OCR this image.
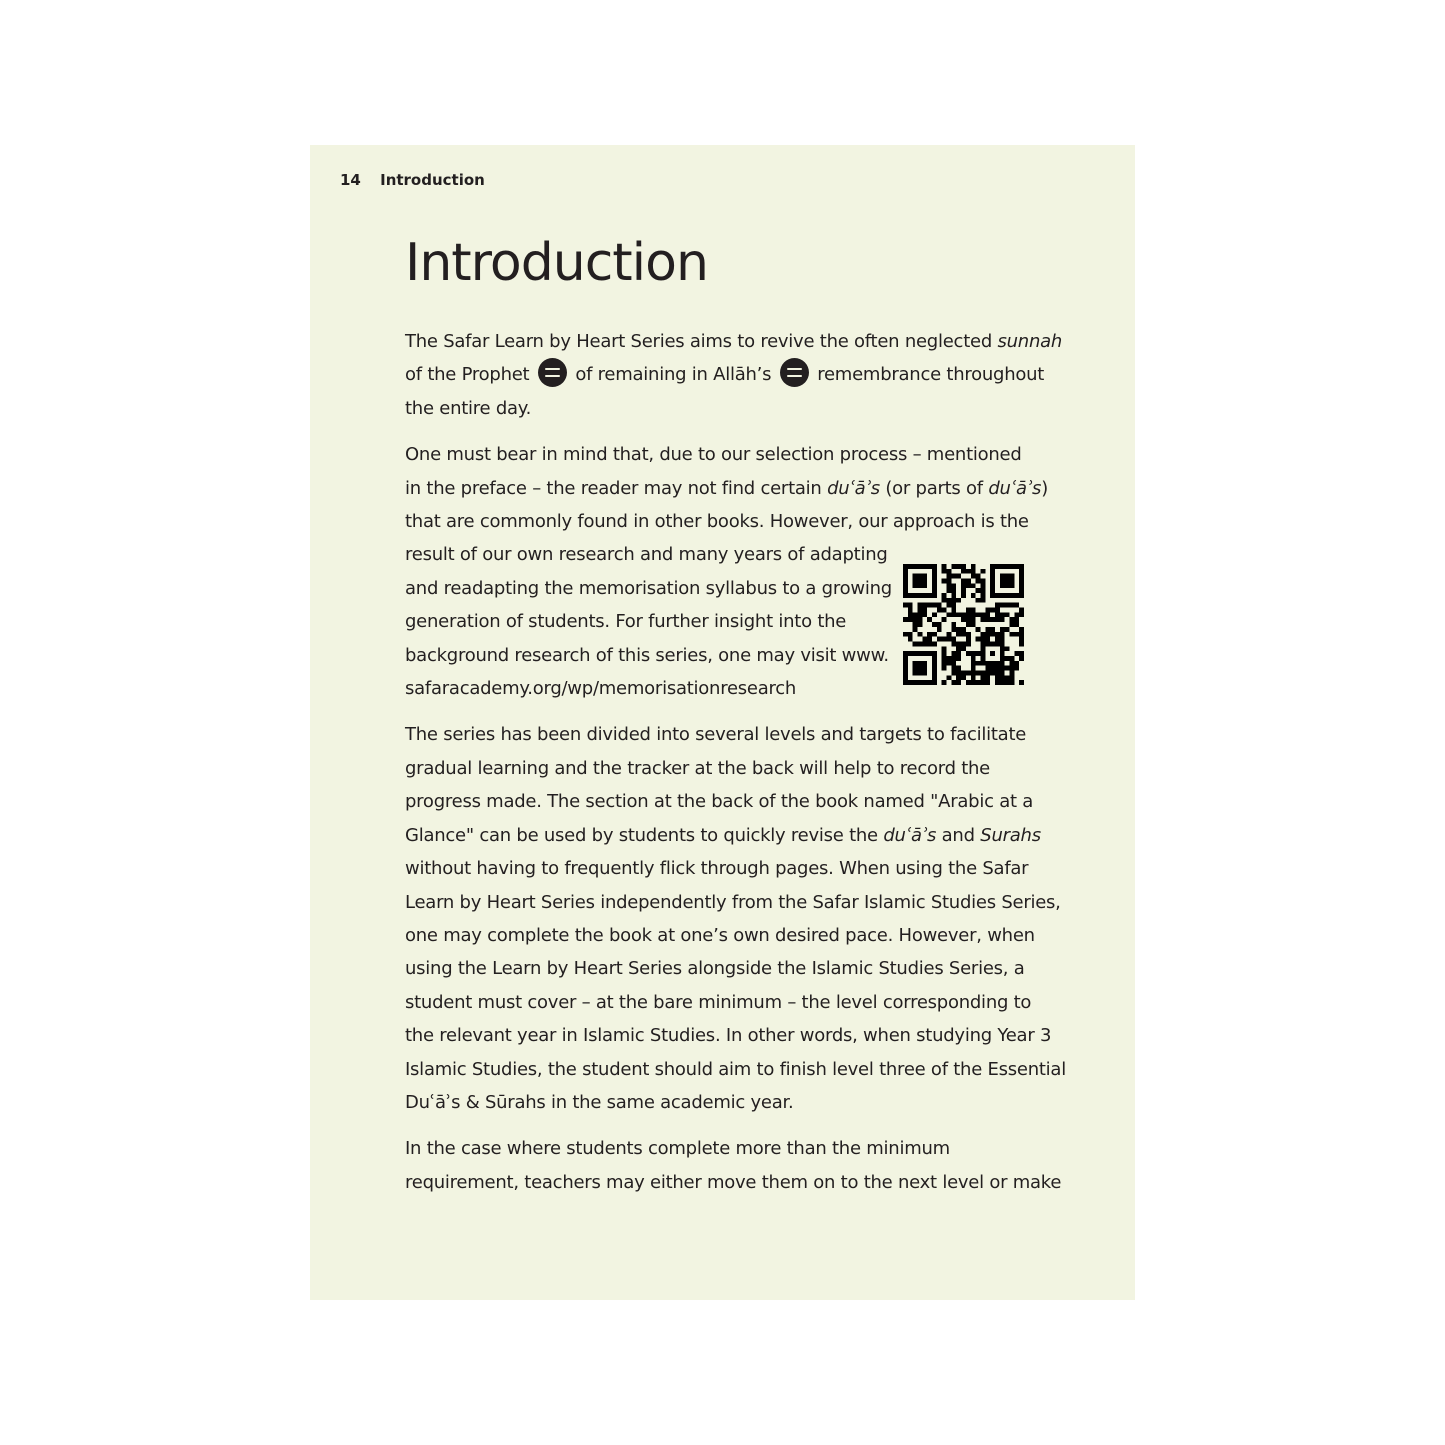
14 Introduction
Introduction

The Safar Learn by Heart Series aims to revive the often neglected sunnah
of the Prophet	of remaining in Allāh’s	remembrance throughout
the entire day.

One must bear in mind that, due to our selection process – mentioned
in the preface – the reader may not find certain duʿāʾs (or parts of duʿāʾs)
that are commonly found in other books. However, our approach is the
result of our own research and many years of adapting
and readapting the memorisation syllabus to a growing
generation of students. For further insight into the
background research of this series, one may visit www.
safaracademy.org/wp/memorisationresearch

The series has been divided into several levels and targets to facilitate
gradual learning and the tracker at the back will help to record the
progress made. The section at the back of the book named "Arabic at a
Glance" can be used by students to quickly revise the duʿāʾs and Surahs
without having to frequently flick through pages. When using the Safar
Learn by Heart Series independently from the Safar Islamic Studies Series,
one may complete the book at one’s own desired pace. However, when
using the Learn by Heart Series alongside the Islamic Studies Series, a
student must cover – at the bare minimum – the level corresponding to
the relevant year in Islamic Studies. In other words, when studying Year 3
Islamic Studies, the student should aim to finish level three of the Essential
Duʿāʾs & Sūrahs in the same academic year.

In the case where students complete more than the minimum
requirement, teachers may either move them on to the next level or make
